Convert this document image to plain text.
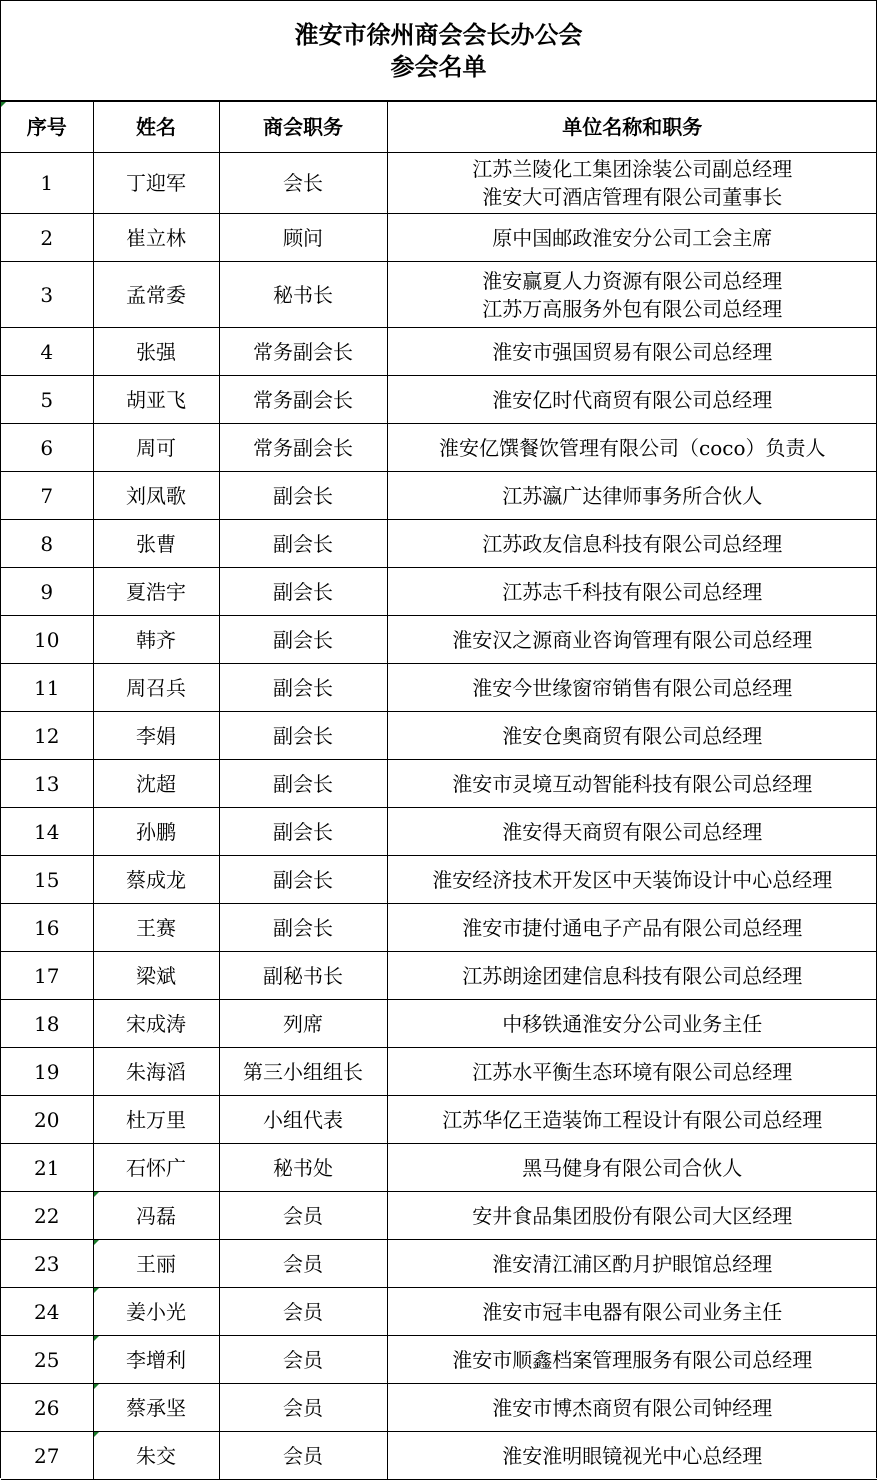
淮安市徐州商会会长办公会
参会名单
序号	姓名	商会职务	单位名称和职务
1	丁迎军	会长	江苏兰陵化工集团涂装公司副总经理
淮安大可酒店管理有限公司董事长

2	崔立林	顾问	原中国邮政淮安分公司工会主席

3	孟常委	秘书长	淮安赢夏人力资源有限公司总经理
江苏万高服务外包有限公司总经理

4	张强	常务副会长	淮安市强国贸易有限公司总经理

5	胡亚飞	常务副会长	淮安亿时代商贸有限公司总经理

6	周可	常务副会长	淮安亿馔餐饮管理有限公司（coco）负责人

7	刘凤歌	副会长	江苏瀛广达律师事务所合伙人

8	张曹	副会长	江苏政友信息科技有限公司总经理

9	夏浩宇	副会长	江苏志千科技有限公司总经理

10	韩齐	副会长	淮安汉之源商业咨询管理有限公司总经理

11	周召兵	副会长	淮安今世缘窗帘销售有限公司总经理

12	李娟	副会长	淮安仓奥商贸有限公司总经理

13	沈超	副会长	淮安市灵境互动智能科技有限公司总经理

14	孙鹏	副会长	淮安得天商贸有限公司总经理

15	蔡成龙	副会长	淮安经济技术开发区中天装饰设计中心总经理

16	王赛	副会长	淮安市捷付通电子产品有限公司总经理

17	梁斌	副秘书长	江苏朗途团建信息科技有限公司总经理

18	宋成涛	列席	中移铁通淮安分公司业务主任

19	朱海滔	第三小组组长	江苏水平衡生态环境有限公司总经理

20	杜万里	小组代表	江苏华亿王造装饰工程设计有限公司总经理

21	石怀广	秘书处	黑马健身有限公司合伙人

22	冯磊	会员	安井食品集团股份有限公司大区经理

23	王丽	会员	淮安清江浦区酌月护眼馆总经理

24	姜小光	会员	淮安市冠丰电器有限公司业务主任

25	李增利	会员	淮安市顺鑫档案管理服务有限公司总经理

26	蔡承坚	会员	淮安市博杰商贸有限公司钟经理

27	朱交	会员	淮安淮明眼镜视光中心总经理
